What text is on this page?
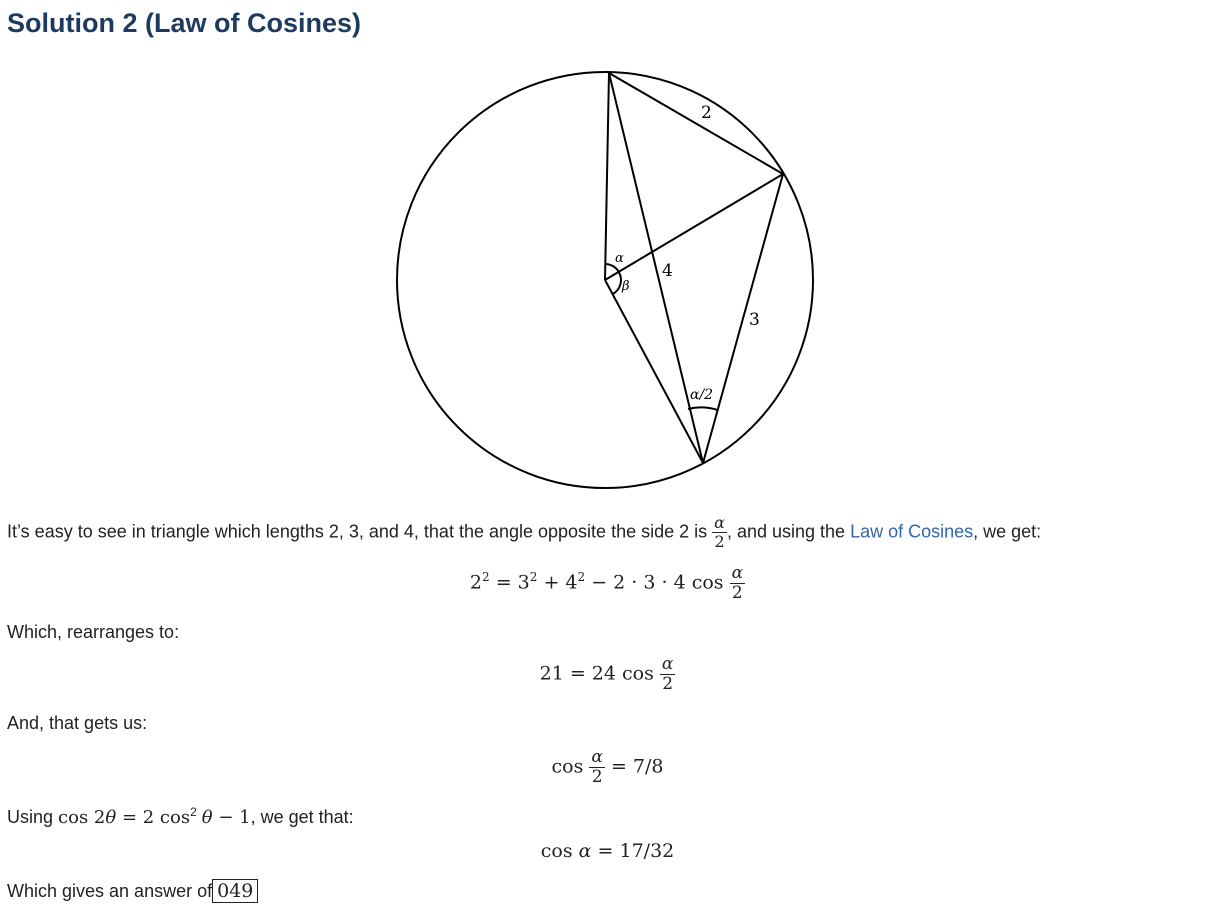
Solution 2 (Law of Cosines)
2
4
3
α
β
α/2

It’s easy to see in triangle which lengths 2, 3, and 4, that the angle opposite the side 2 is $\frac{\alpha}{2}$ , and using the Law of Cosines, we get:

$2^2 = 3^2 + 4^2 - 2 \cdot 3 \cdot 4$ $\cos \frac{\alpha}{2}$

Which, rearranges to:

21 = 24 $\cos \frac{\alpha}{2}$

And, that gets us:

$\cos \frac{\alpha}{2} = 7/8$

Using cos 2θ = 2 $\cos^2 \theta - 1$, we get that:

cos α = 17/32

Which gives an answer of 049
